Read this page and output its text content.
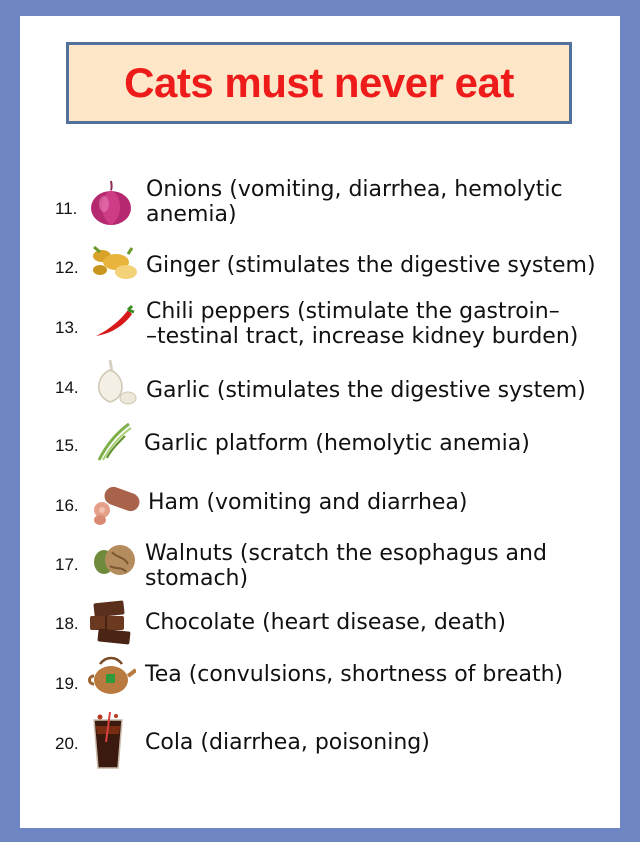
Cats must never eat
11.
Onions (vomiting, diarrhea, hemolytic
anemia)
12.	Ginger (stimulates the digestive system)
13.
Chili peppers (stimulate the gastroin–
–testinal tract, increase kidney burden)
14.	Garlic (stimulates the digestive system)
15.	Garlic platform (hemolytic anemia)
16.	Ham (vomiting and diarrhea)
17.	Walnuts (scratch the esophagus and
stomach)
18.	Chocolate (heart disease, death)
19.	Tea (convulsions, shortness of breath)
20.	Cola (diarrhea, poisoning)
